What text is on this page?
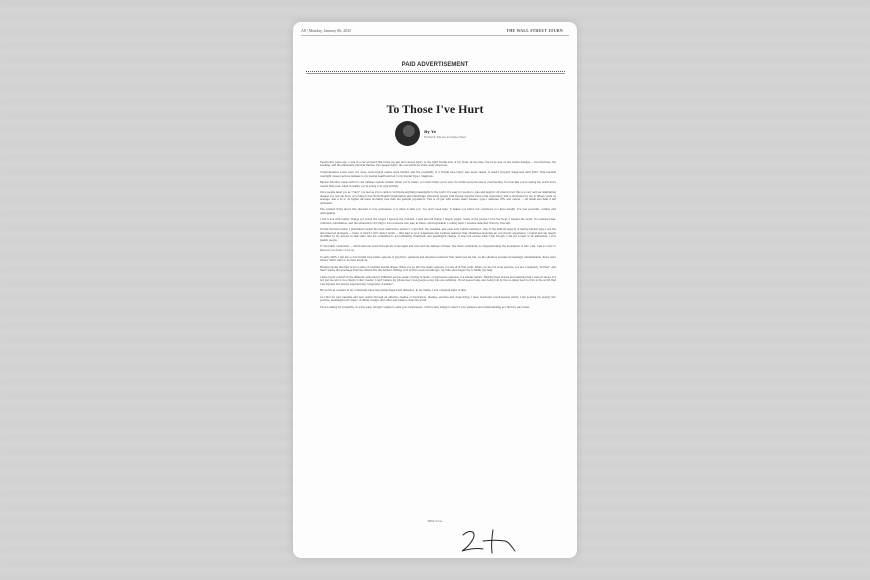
A8 | Monday, January 06, 2025	THE WALL STREET JOURN
PAID ADVERTISEMENT
To Those I've Hurt
By Ye
Formerly Known as Kanye West

Twenty-five years ago, I was in a car accident that broke my jaw and caused injury to the right frontal lobe of my brain. At the time, the focus was on the visible damage — the fractures, the swelling, and the immediate physical trauma. The deeper injury, the one inside my skull, went unnoticed.

Comprehensive scans were not done, neurological exams were limited, and the possibility of a frontal lobe injury was never raised. It wasn't properly diagnosed until 2023. That medical oversight caused serious damage to my mental health and led to my bipolar type-1 diagnosis.

Bipolar disorder comes with its own defense system. Denial. When you're manic, you don't think you're sick. You think everyone else is overreacting. You feel like you're seeing the world more clearly than ever, when in reality you're losing your grip entirely.

Once people label you as "crazy" you feel as if you cannot contribute anything meaningful to the world. It's easy for people to joke and laugh it off when in fact this is a very serious debilitating disease you can die from. According to the World Health Organization and Cambridge University people with bipolar disorder have a life expectancy that is shortened by ten to fifteen years on average, and a 2x to 3x higher all-cause mortality rate than the general population. This is on par with severe heart disease, type-1 diabetes, HIV, and cancer — all lethal and fatal if left untreated.

The scariest thing about this disorder is how persuasive it is when it tells you: You don't need help. It makes you blind, but convinced you have insight. You feel powerful, certain, and unstoppable.

I lost touch with reality. Things got worse the longer I ignored the problem. I said and did things I deeply regret. Some of the people I love the most, I treated the worst. You endured fear, confusion, humiliation, and the exhaustion of trying to love someone who was, at times, unrecognizable. Looking back, I became detached from my true self.

In that fractured state, I gravitated toward the most destructive symbol I could find, the swastika, and even sold t-shirts bearing it. One of the difficult aspects of having bipolar type-1 are the disconnected moments — many of which I still cannot recall — that lead to poor judgement and reckless behavior that oftentimes feels like an out-of-body experience. I regret and am deeply mortified by my actions in that state, and am committed to accountability, treatment, and meaningful change. It does not excuse what I did, though. I am not a Nazi or an antisemite. I love Jewish people.

To the black community — which held me down through all of the highs and lows and the darkest of times. The black community is, unquestionably, the foundation of who I am. I am so sorry to have let you down. I love us.

In early 2025, I fell into a four-month long manic episode of psychotic, paranoid and impulsive behavior that destroyed my life. As the situation became increasingly unsustainable, there were times I didn't want to be here anymore.

Having bipolar disorder is not a state of constant mental illness. When you go into the manic episode, you are ill at that point. When you are not in an episode, you are completely "normal". And that's where the wreckage from the illness hits the hardest. Hitting rock bottom a few months ago, my wife encouraged me to finally get help.

I have found comfort in the different calls placed. Different people speak of living in manic or depressive episodes of a similar nature. Hearing their stories and realizing that I was not alone. It's not just me who's in a chaotic roller coaster. I can't believe my phone has 2 new people a day who are suffering. I'm at peace today, and being told by the so-called best doctors in the world that I am bipolar, but merely experiencing "symptoms of autism".

My words as a leader in my community have real global impact and influence. In my mania, I lost complete sight of that.

As I find my new baseline and new center through an effective regime of medication, therapy, exercise and clean living, I have newfound, much-needed clarity. I am pouring my energy into positive, meaningful art: music, clothing, design, and other new ideas to help the world.

I'm not asking for sympathy, or a free pass, though I aspire to earn your forgiveness. I write today simply to ask for your patience and understanding as I find my way home.

With love,
